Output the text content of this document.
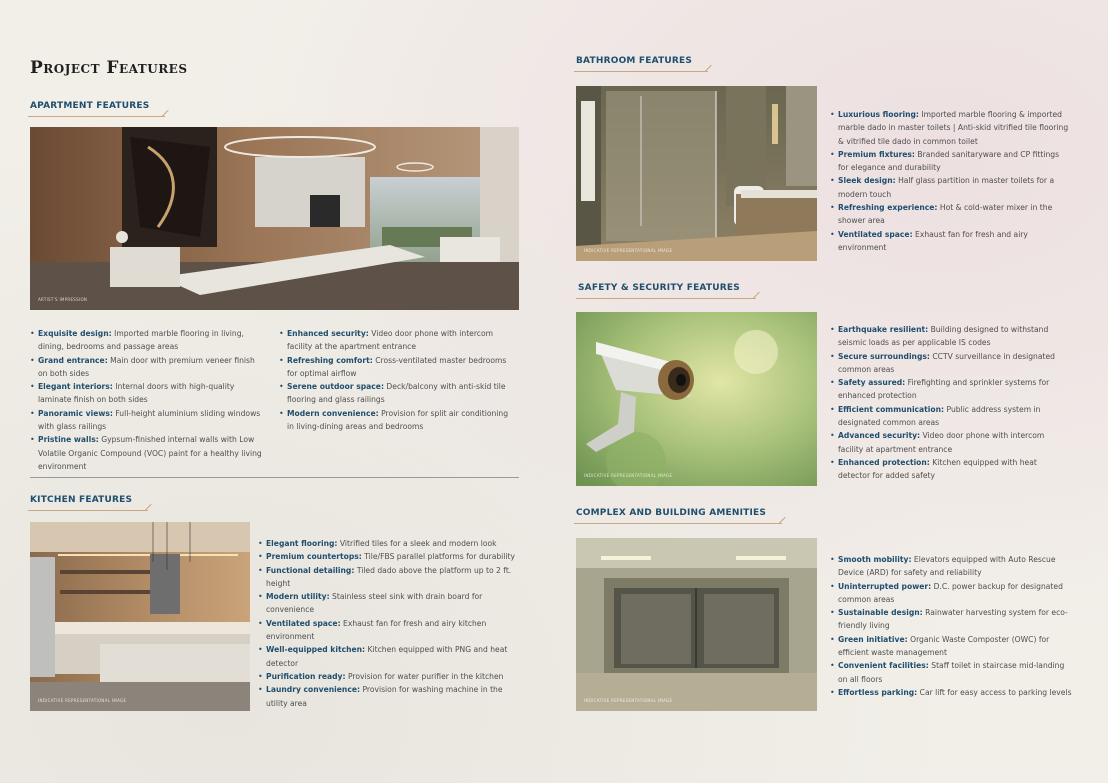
Project Features
APARTMENT FEATURES
ARTIST'S IMPRESSION
• Exquisite design: Imported marble flooring in living, dining, bedrooms and passage areas
• Grand entrance: Main door with premium veneer finish on both sides
• Elegant interiors: Internal doors with high-quality laminate finish on both sides
• Panoramic views: Full-height aluminium sliding windows with glass railings
• Pristine walls: Gypsum-finished internal walls with Low Volatile Organic Compound (VOC) paint for a healthy living environment
• Enhanced security: Video door phone with intercom facility at the apartment entrance
• Refreshing comfort: Cross-ventilated master bedrooms for optimal airflow
• Serene outdoor space: Deck/balcony with anti-skid tile flooring and glass railings
• Modern convenience: Provision for split air conditioning in living-dining areas and bedrooms
KITCHEN FEATURES
INDICATIVE REPRESENTATIONAL IMAGE
• Elegant flooring: Vitrified tiles for a sleek and modern look
• Premium countertops: Tile/FBS parallel platforms for durability
• Functional detailing: Tiled dado above the platform up to 2 ft. height
• Modern utility: Stainless steel sink with drain board for convenience
• Ventilated space: Exhaust fan for fresh and airy kitchen environment
• Well-equipped kitchen: Kitchen equipped with PNG and heat detector
• Purification ready: Provision for water purifier in the kitchen
• Laundry convenience: Provision for washing machine in the utility area
BATHROOM FEATURES
INDICATIVE REPRESENTATIONAL IMAGE
• Luxurious flooring: Imported marble flooring & imported marble dado in master toilets | Anti-skid vitrified tile flooring & vitrified tile dado in common toilet
• Premium fixtures: Branded sanitaryware and CP fittings for elegance and durability
• Sleek design: Half glass partition in master toilets for a modern touch
• Refreshing experience: Hot & cold-water mixer in the shower area
• Ventilated space: Exhaust fan for fresh and airy environment
SAFETY & SECURITY FEATURES
INDICATIVE REPRESENTATIONAL IMAGE
• Earthquake resilient: Building designed to withstand seismic loads as per applicable IS codes
• Secure surroundings: CCTV surveillance in designated common areas
• Safety assured: Firefighting and sprinkler systems for enhanced protection
• Efficient communication: Public address system in designated common areas
• Advanced security: Video door phone with intercom facility at apartment entrance
• Enhanced protection: Kitchen equipped with heat detector for added safety
COMPLEX AND BUILDING AMENITIES
INDICATIVE REPRESENTATIONAL IMAGE
• Smooth mobility: Elevators equipped with Auto Rescue Device (ARD) for safety and reliability
• Uninterrupted power: D.C. power backup for designated common areas
• Sustainable design: Rainwater harvesting system for eco-friendly living
• Green initiative: Organic Waste Composter (OWC) for efficient waste management
• Convenient facilities: Staff toilet in staircase mid-landing on all floors
• Effortless parking: Car lift for easy access to parking levels
